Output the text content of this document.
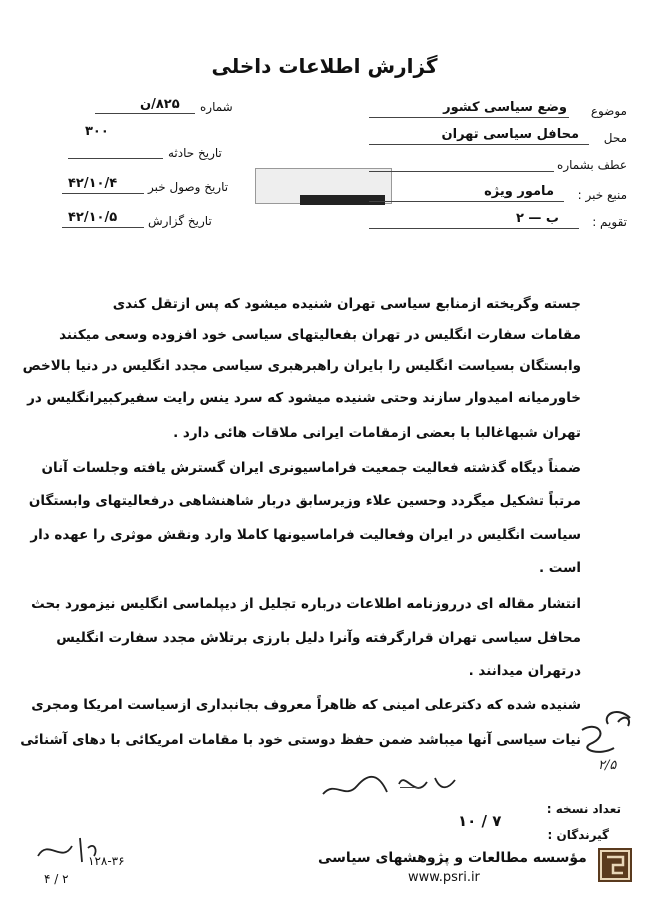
گزارش اطلاعات داخلی
شماره
۸۲۵/ن
تاریخ حادثه
۳۰۰
تاریخ وصول خبر
۴۲/۱۰/۴
تاریخ گزارش
۴۲/۱۰/۵
موضوع
وضع سیاسی کشور
محل
محافل سیاسی تهران
عطف بشماره
منبع خبر :
مامور ویژه
تقویم :
ب — ۲
جسته وگریخته ازمنابع سیاسی تهران شنیده میشود که پس ازتقل کندی
مقامات سفارت انگلیس در تهران بفعالیتهای سیاسی خود افزوده وسعی میکنند
وابستگان بسیاست انگلیس را بایران راهبرهبری سیاسی مجدد انگلیس در دنیا بالاخص
خاورمیانه امیدوار سازند وحتی شنیده میشود که سرد ینس رایت سفیرکبیرانگلیس در
تهران شبهاغالبا با بعضی ازمقامات ایرانی ملاقات هائی دارد .
ضمناً دیگاه گذشته فعالیت جمعیت فراماسیونری ایران گسترش یافته وجلسات آنان
مرتباً تشکیل میگردد وحسین علاء وزیرسابق دربار شاهنشاهی درفعالیتهای وابستگان
سیاست انگلیس در ایران وفعالیت فراماسیونها کاملا وارد ونقش موثری را عهده دار
است .
انتشار مقاله ای درروزنامه اطلاعات درباره تجلیل از دیپلماسی انگلیس نیزمورد بحث
محافل سیاسی تهران قرارگرفته وآنرا دلیل بارزی برتلاش مجدد سفارت انگلیس
درتهران میدانند .
شنیده شده که دکترعلی امینی که ظاهراً معروف بجانبداری ازسیاست امریکا ومجری
نیات سیاسی آنها میباشد ضمن حفظ دوستی خود با مقامات امریکائی با دهای آشنائی
۲/۵
تعداد نسخه :
۱۰ / ۷
گیرندگان :
۱۲۸-۳۶
۴ / ۲
مؤسسه مطالعات و پژوهشهای سیاسی
www.psri.ir
